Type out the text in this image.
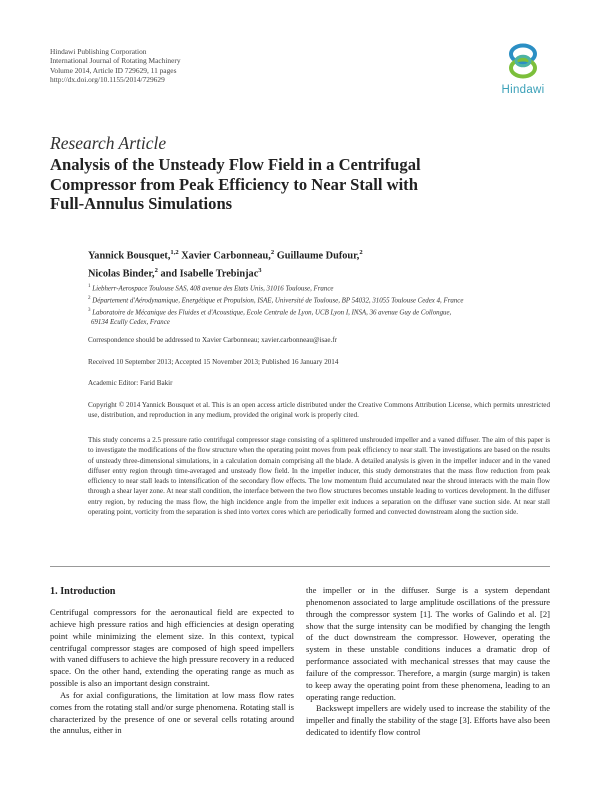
Hindawi Publishing Corporation
International Journal of Rotating Machinery
Volume 2014, Article ID 729629, 11 pages
http://dx.doi.org/10.1155/2014/729629
Hindawi
Research Article
Analysis of the Unsteady Flow Field in a Centrifugal
Compressor from Peak Efficiency to Near Stall with
Full-Annulus Simulations
Yannick Bousquet,$^{1,2}$ Xavier Carbonneau,$^2$ Guillaume Dufour,$^2$
Nicolas Binder,$^2$ and Isabelle Trebinjac$^3$
$^1$ Liebherr-Aerospace Toulouse SAS, 408 avenue des Etats Unis, 31016 Toulouse, France
$^2$ Département d'Aérodynamique, Energétique et Propulsion, ISAE, Université de Toulouse, BP 54032, 31055 Toulouse Cedex 4, France
$^3$ Laboratoire de Mécanique des Fluides et d'Acoustique, Ecole Centrale de Lyon, UCB Lyon I, INSA, 36 avenue Guy de Collongue,
69134 Ecully Cedex, France
Correspondence should be addressed to Xavier Carbonneau; xavier.carbonneau@isae.fr
Received 10 September 2013; Accepted 15 November 2013; Published 16 January 2014
Academic Editor: Farid Bakir
Copyright © 2014 Yannick Bousquet et al. This is an open access article distributed under the Creative Commons Attribution License, which permits unrestricted use, distribution, and reproduction in any medium, provided the original work is properly cited.
This study concerns a 2.5 pressure ratio centrifugal compressor stage consisting of a splittered unshrouded impeller and a vaned diffuser. The aim of this paper is to investigate the modifications of the flow structure when the operating point moves from peak efficiency to near stall. The investigations are based on the results of unsteady three-dimensional simulations, in a calculation domain comprising all the blade. A detailed analysis is given in the impeller inducer and in the vaned diffuser entry region through time-averaged and unsteady flow field. In the impeller inducer, this study demonstrates that the mass flow reduction from peak efficiency to near stall leads to intensification of the secondary flow effects. The low momentum fluid accumulated near the shroud interacts with the main flow through a shear layer zone. At near stall condition, the interface between the two flow structures becomes unstable leading to vortices development. In the diffuser entry region, by reducing the mass flow, the high incidence angle from the impeller exit induces a separation on the diffuser vane suction side. At near stall operating point, vorticity from the separation is shed into vortex cores which are periodically formed and convected downstream along the suction side.
1. Introduction

Centrifugal compressors for the aeronautical field are expected to achieve high pressure ratios and high efficiencies at design operating point while minimizing the element size. In this context, typical centrifugal compressor stages are composed of high speed impellers with vaned diffusers to achieve the high pressure recovery in a reduced space. On the other hand, extending the operating range as much as possible is also an important design constraint.

As for axial configurations, the limitation at low mass flow rates comes from the rotating stall and/or surge phenomena. Rotating stall is characterized by the presence of one or several cells rotating around the annulus, either in

the impeller or in the diffuser. Surge is a system dependant phenomenon associated to large amplitude oscillations of the pressure through the compressor system [1]. The works of Galindo et al. [2] show that the surge intensity can be modified by changing the length of the duct downstream the compressor. However, operating the system in these unstable conditions induces a dramatic drop of performance associated with mechanical stresses that may cause the failure of the compressor. Therefore, a margin (surge margin) is taken to keep away the operating point from these phenomena, leading to an operating range reduction.

Backswept impellers are widely used to increase the stability of the impeller and finally the stability of the stage [3]. Efforts have also been dedicated to identify flow control
